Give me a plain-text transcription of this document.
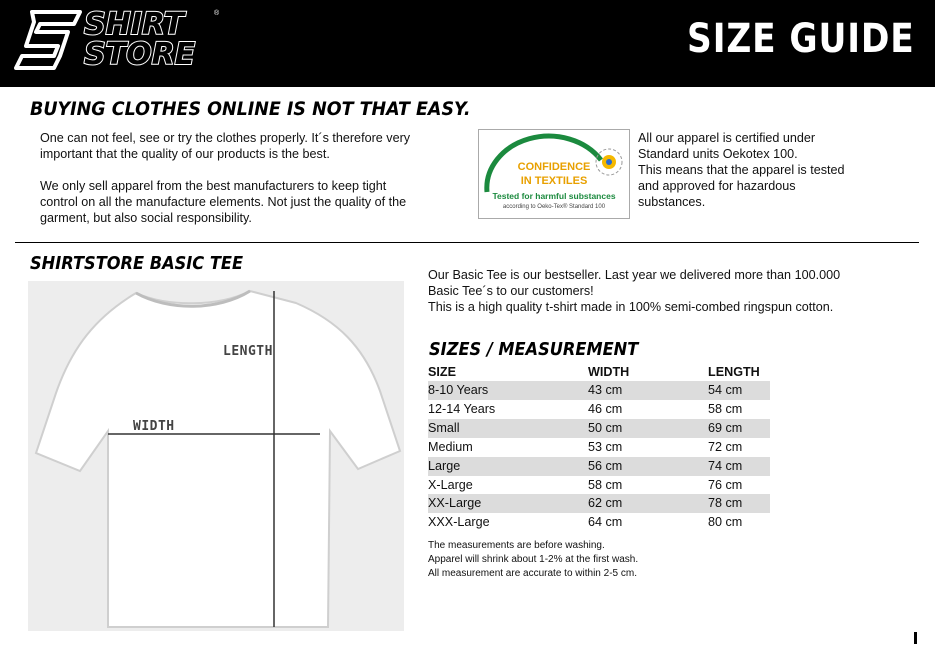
SHIRT
STORE
®
SIZE GUIDE
BUYING CLOTHES ONLINE IS NOT THAT EASY.
One can not feel, see or try the clothes properly. It´s therefore very
important that the quality of our products is the best.
We only sell apparel from the best manufacturers to keep tight
control on all the manufacture elements. Not just the quality of the
garment, but also social responsibility.
CONFIDENCE
IN TEXTILES
Tested for harmful substances
according to Oeko-Tex® Standard 100
All our apparel is certified under
Standard units Oekotex 100.
This means that the apparel is tested
and approved for hazardous
substances.
SHIRTSTORE BASIC TEE
LENGTH
WIDTH
Our Basic Tee is our bestseller. Last year we delivered more than 100.000
Basic Tee´s to our customers!
This is a high quality t-shirt made in 100% semi-combed ringspun cotton.
SIZES / MEASUREMENT
SIZE	WIDTH	LENGTH
8-10 Years	43 cm	54 cm
12-14 Years	46 cm	58 cm
Small	50 cm	69 cm
Medium	53 cm	72 cm
Large	56 cm	74 cm
X-Large	58 cm	76 cm
XX-Large	62 cm	78 cm
XXX-Large	64 cm	80 cm
The measurements are before washing.
Apparel will shrink about 1-2% at the first wash.
All measurement are accurate to within 2-5 cm.
